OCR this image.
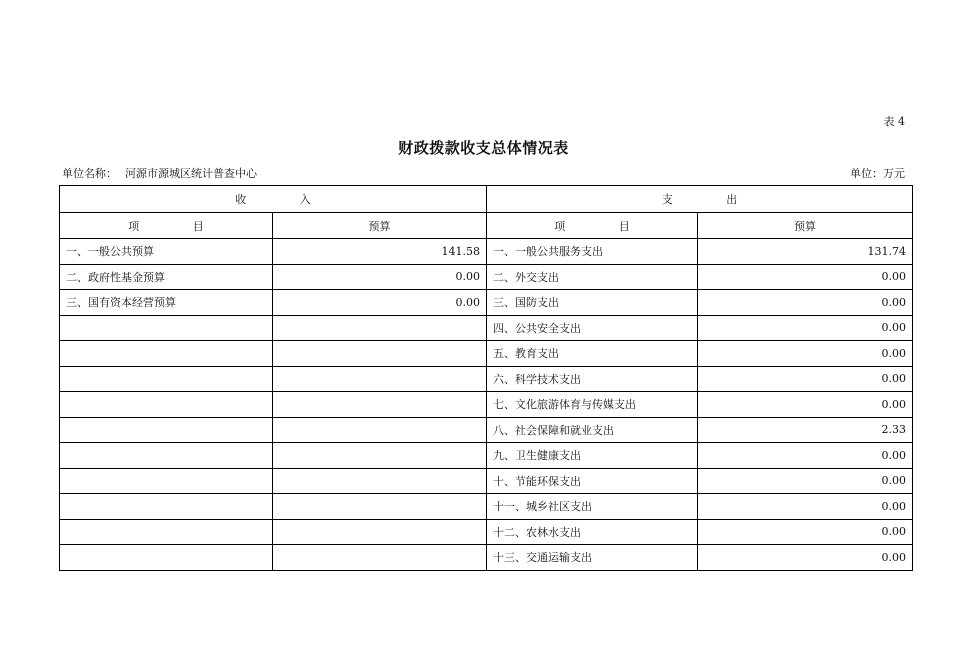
表 4
财政拨款收支总体情况表
单位名称： 河源市源城区统计普查中心	单位：万元
收 入		支 出	
项 目	预算	项 目	预算
一、一般公共预算	141.58	一、一般公共服务支出	131.74
二、政府性基金预算	0.00	二、外交支出	0.00
三、国有资本经营预算	0.00	三、国防支出	0.00
		四、公共安全支出	0.00
		五、教育支出	0.00
		六、科学技术支出	0.00
		七、文化旅游体育与传媒支出	0.00
		八、社会保障和就业支出	2.33
		九、卫生健康支出	0.00
		十、节能环保支出	0.00
		十一、城乡社区支出	0.00
		十二、农林水支出	0.00
		十三、交通运输支出	0.00
